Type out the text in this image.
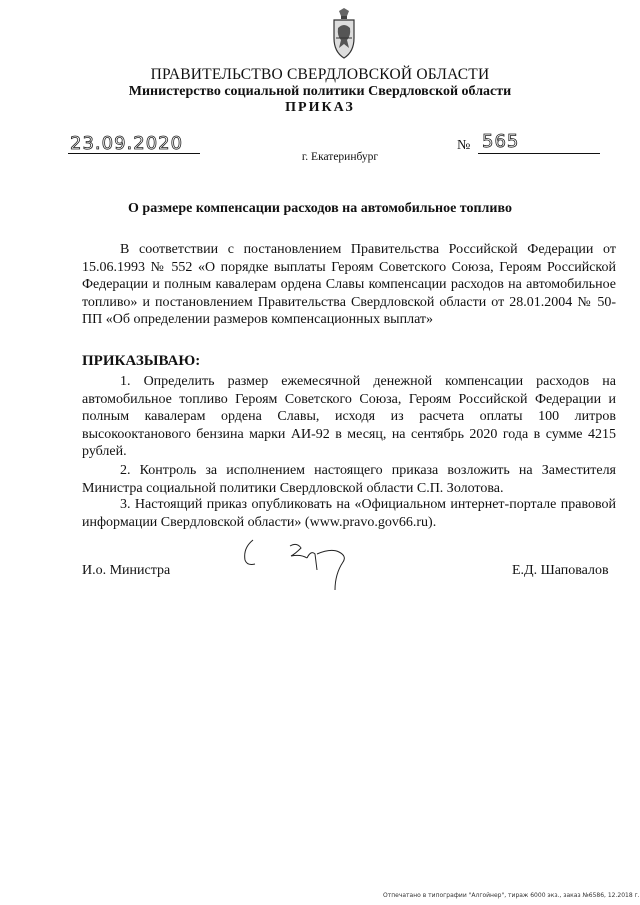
ПРАВИТЕЛЬСТВО СВЕРДЛОВСКОЙ ОБЛАСТИ
Министерство социальной политики Свердловской области
ПРИКАЗ
23.09.2020	№ 565
г. Екатеринбург
О размере компенсации расходов на автомобильное топливо
В соответствии с постановлением Правительства Российской Федерации от 15.06.1993 № 552 «О порядке выплаты Героям Советского Союза, Героям Российской Федерации и полным кавалерам ордена Славы компенсации расходов на автомобильное топливо» и постановлением Правительства Свердловской области от 28.01.2004 № 50-ПП «Об определении размеров компенсационных выплат»
ПРИКАЗЫВАЮ:
1. Определить размер ежемесячной денежной компенсации расходов на автомобильное топливо Героям Советского Союза, Героям Российской Федерации и полным кавалерам ордена Славы, исходя из расчета оплаты 100 литров высокооктанового бензина марки АИ-92 в месяц, на сентябрь 2020 года в сумме 4215 рублей.
2. Контроль за исполнением настоящего приказа возложить на Заместителя Министра социальной политики Свердловской области С.П. Золотова.
3. Настоящий приказ опубликовать на «Официальном интернет-портале правовой информации Свердловской области» (www.pravo.gov66.ru).
И.о. Министра	Е.Д. Шаповалов
Отпечатано в типографии "Алгойнер", тираж 6000 экз., заказ №6586, 12.2018 г.
